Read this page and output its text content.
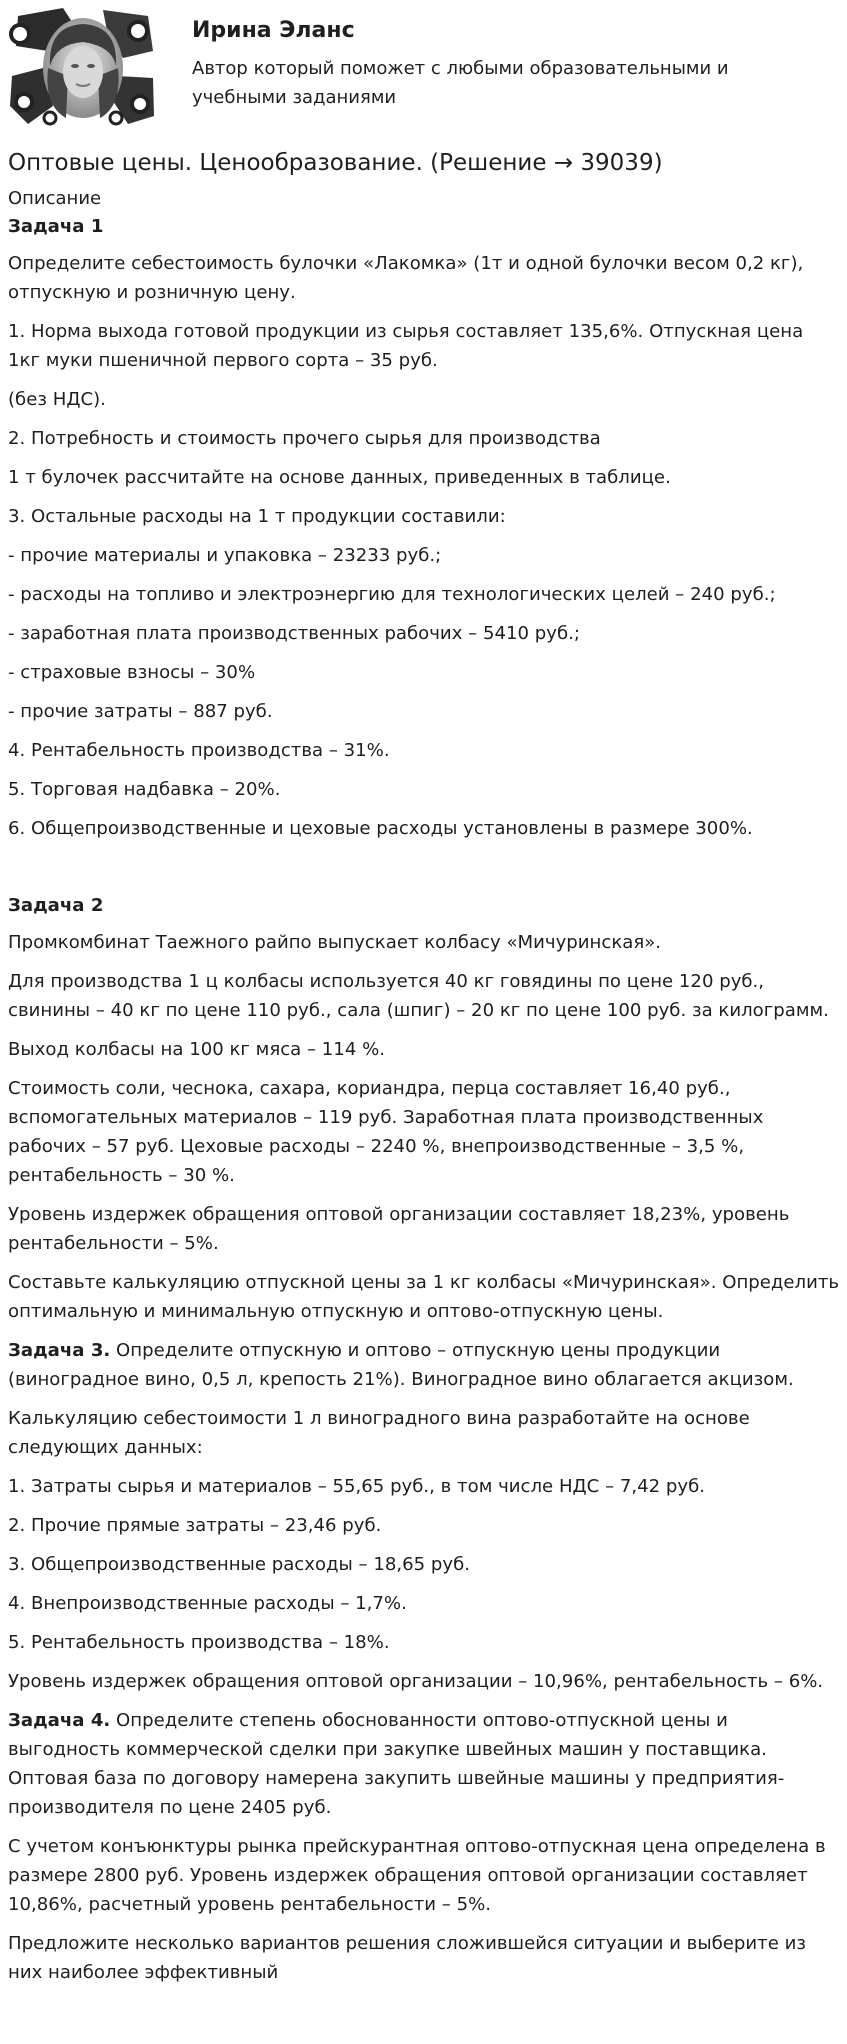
Ирина Эланс
Автор который поможет с любыми образовательными и учебными заданиями
Оптовые цены. Ценообразование. (Решение → 39039)
Описание

Задача 1

Определите себестоимость булочки «Лакомка» (1т и одной булочки весом 0,2 кг), отпускную и розничную цену.

1. Норма выхода готовой продукции из сырья составляет 135,6%. Отпускная цена 1кг муки пшеничной первого сорта – 35 руб.

(без НДС).

2. Потребность и стоимость прочего сырья для производства

1 т булочек рассчитайте на основе данных, приведенных в таблице.

3. Остальные расходы на 1 т продукции составили:

- прочие материалы и упаковка – 23233 руб.;

- расходы на топливо и электроэнергию для технологических целей – 240 руб.;

- заработная плата производственных рабочих – 5410 руб.;

- страховые взносы – 30%

- прочие затраты – 887 руб.

4. Рентабельность производства – 31%.

5. Торговая надбавка – 20%.

6. Общепроизводственные и цеховые расходы установлены в размере 300%.

Задача 2

Промкомбинат Таежного райпо выпускает колбасу «Мичуринская».

Для производства 1 ц колбасы используется 40 кг говядины по цене 120 руб., свинины – 40 кг по цене 110 руб., сала (шпиг) – 20 кг по цене 100 руб. за килограмм.

Выход колбасы на 100 кг мяса – 114 %.

Стоимость соли, чеснока, сахара, кориандра, перца составляет 16,40 руб., вспомогательных материалов – 119 руб. Заработная плата производственных рабочих – 57 руб. Цеховые расходы – 2240 %, внепроизводственные – 3,5 %, рентабельность – 30 %.

Уровень издержек обращения оптовой организации составляет 18,23%, уровень рентабельности – 5%.

Составьте калькуляцию отпускной цены за 1 кг колбасы «Мичуринская». Определить оптимальную и минимальную отпускную и оптово-отпускную цены.

Задача 3. Определите отпускную и оптово – отпускную цены продукции (виноградное вино, 0,5 л, крепость 21%). Виноградное вино облагается акцизом.

Калькуляцию себестоимости 1 л виноградного вина разработайте на основе следующих данных:

1. Затраты сырья и материалов – 55,65 руб., в том числе НДС – 7,42 руб.

2. Прочие прямые затраты – 23,46 руб.

3. Общепроизводственные расходы – 18,65 руб.

4. Внепроизводственные расходы – 1,7%.

5. Рентабельность производства – 18%.

Уровень издержек обращения оптовой организации – 10,96%, рентабельность – 6%.

Задача 4. Определите степень обоснованности оптово-отпускной цены и выгодность коммерческой сделки при закупке швейных машин у поставщика. Оптовая база по договору намерена закупить швейные машины у предприятия-производителя по цене 2405 руб.

С учетом конъюнктуры рынка прейскурантная оптово-отпускная цена определена в размере 2800 руб. Уровень издержек обращения оптовой организации составляет 10,86%, расчетный уровень рентабельности – 5%.

Предложите несколько вариантов решения сложившейся ситуации и выберите из них наиболее эффективный
